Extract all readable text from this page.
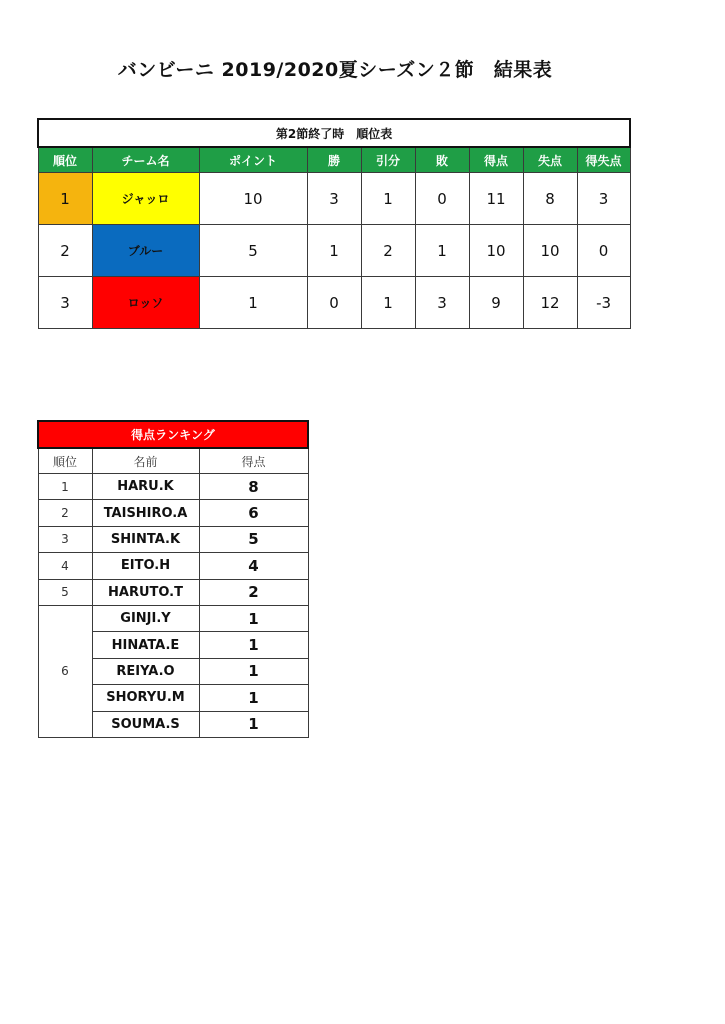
バンビーニ 2019/2020夏シーズン２節　結果表
第2節終了時　順位表								
順位	チーム名	ポイント	勝	引分	敗	得点	失点	得失点
1	ジャッロ	10	3	1	0	11	8	3
2	ブルー	5	1	2	1	10	10	0
3	ロッソ	1	0	1	3	9	12	-3
得点ランキング		
順位	名前	得点
1	HARU.K	8
2	TAISHIRO.A	6
3	SHINTA.K	5
4	EITO.H	4
5	HARUTO.T	2
6	GINJI.Y	1
	HINATA.E	1
	REIYA.O	1
	SHORYU.M	1
	SOUMA.S	1
